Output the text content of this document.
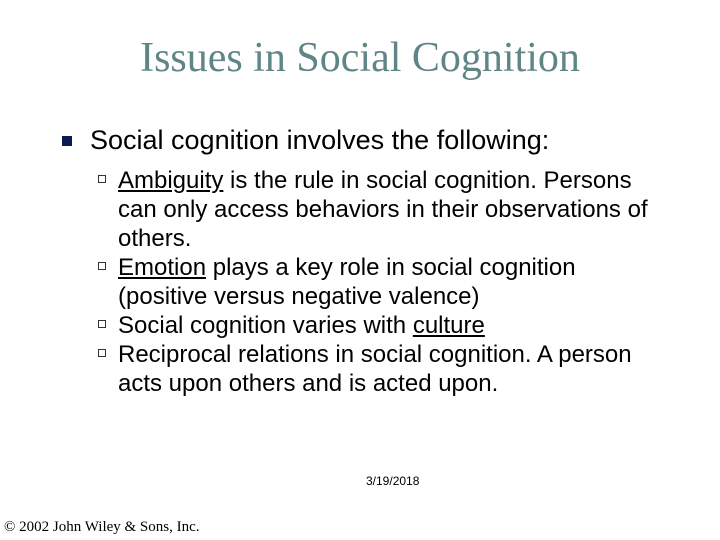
Issues in Social Cognition
Social cognition involves the following:
Ambiguity is the rule in social cognition. Persons can only access behaviors in their observations of others.
Emotion plays a key role in social cognition (positive versus negative valence)
Social cognition varies with culture
Reciprocal relations in social cognition. A person acts upon others and is acted upon.
3/19/2018
© 2002 John Wiley & Sons, Inc.
